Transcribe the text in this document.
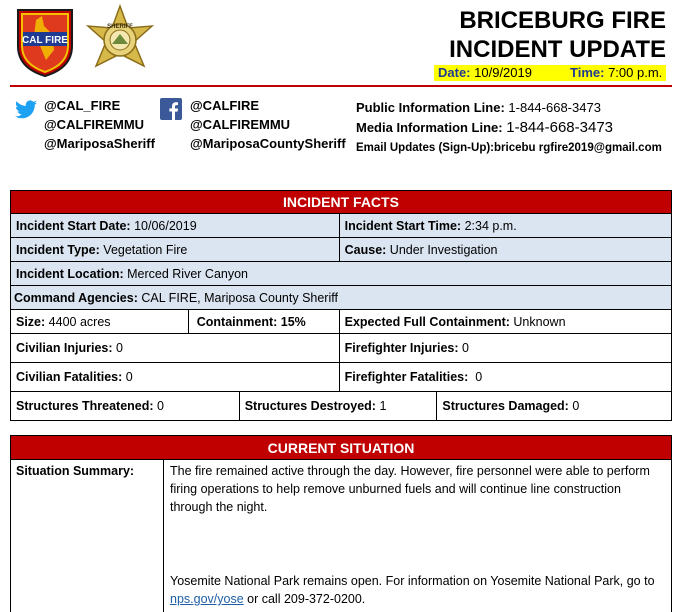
CAL FIRE
SHERIFF	BRICEBURG FIRE
INCIDENT UPDATE
Date: 10/9/2019	Time: 7:00 p.m.
@CAL_FIRE
@CALFIREMMU
@MariposaSheriff
@CALFIRE
@CALFIREMMU
@MariposaCountySheriff
Public Information Line: 1-844-668-3473
Media Information Line: 1-844-668-3473
Email Updates (Sign-Up):bricebu rgfire2019@gmail.com
INCIDENT FACTS				
Incident Start Date: 10/06/2019			Incident Start Time: 2:34 p.m.	
Incident Type: Vegetation Fire			Cause: Under Investigation	
Incident Location: Merced River Canyon				
Command Agencies: CAL FIRE, Mariposa County Sheriff				
Size: 4400 acres	Containment: 15%		Expected Full Containment: Unknown	
Civilian Injuries: 0			Firefighter Injuries: 0	
Civilian Fatalities: 0			Firefighter Fatalities: 0	
Structures Threatened: 0		Structures Destroyed: 1		Structures Damaged: 0
CURRENT SITUATION
Situation Summary:	The fire remained active through the day. However, fire personnel were able to perform firing operations to help remove unburned fuels and will continue line construction through the night.

Yosemite National Park remains open. For information on Yosemite National Park, go to nps.gov/yose or call 209-372-0200.
